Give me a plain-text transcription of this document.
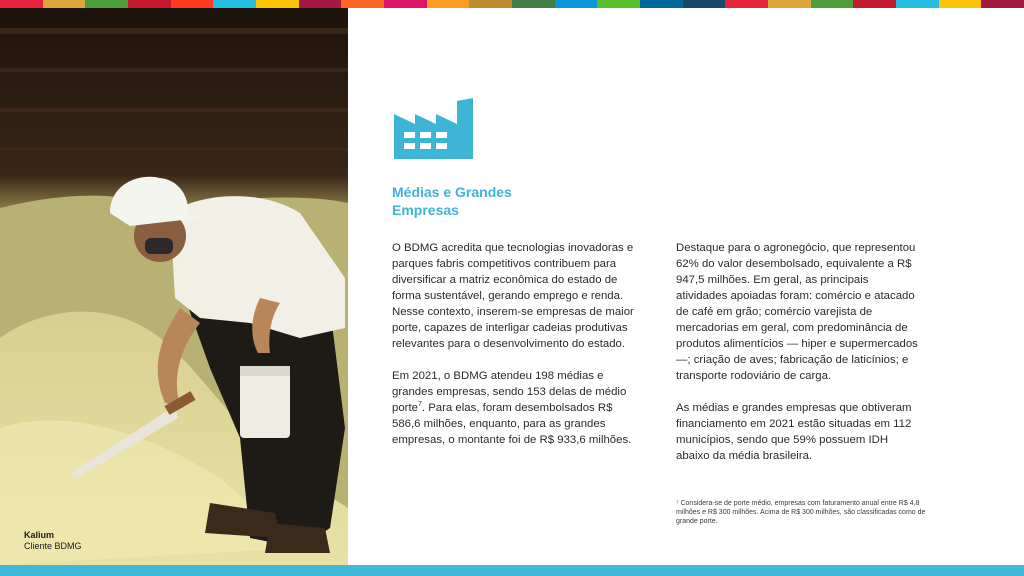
Kalium
Cliente BDMG
Médias e Grandes
Empresas

O BDMG acredita que tecnologias inovadoras e parques fabris competitivos contribuem para diversificar a matriz econômica do estado de forma sustentável, gerando emprego e renda. Nesse contexto, inserem-se empresas de maior porte, capazes de interligar cadeias produtivas relevantes para o desenvolvimento do estado.

Em 2021, o BDMG atendeu 198 médias e grandes empresas, sendo 153 delas de médio porte$^7$. Para elas, foram desembolsados R$ 586,6 milhões, enquanto, para as grandes empresas, o montante foi de R$ 933,6 milhões.

Destaque para o agronegócio, que representou 62% do valor desembolsado, equivalente a R$ 947,5 milhões. Em geral, as principais atividades apoiadas foram: comércio e atacado de café em grão; comércio varejista de mercadorias em geral, com predominância de produtos alimentícios — hiper e supermercados —; criação de aves; fabricação de laticínios; e transporte rodoviário de carga.

As médias e grandes empresas que obtiveram financiamento em 2021 estão situadas em 112 municípios, sendo que 59% possuem IDH abaixo da média brasileira.

⁷ Considera-se de porte médio, empresas com faturamento anual entre R$ 4,8 milhões e R$ 300 milhões. Acima de R$ 300 milhões, são classificadas como de grande porte.
